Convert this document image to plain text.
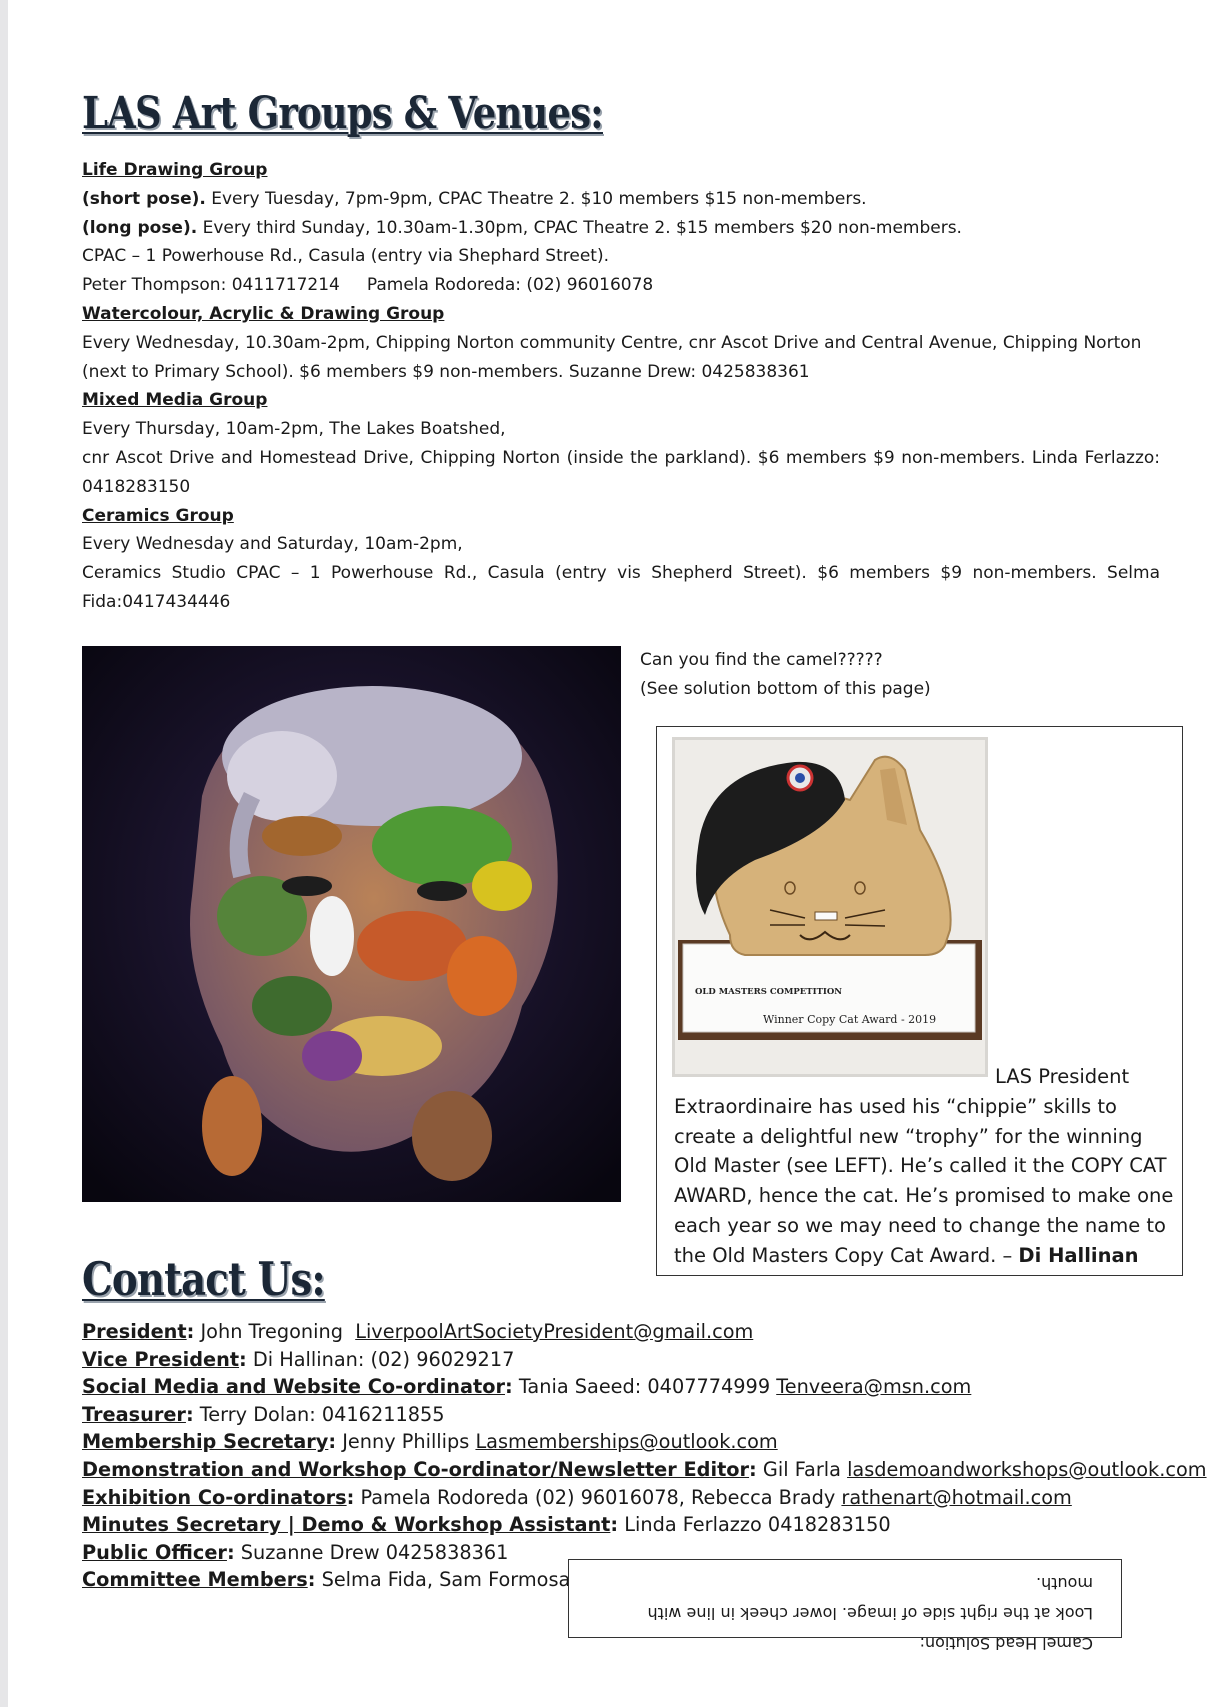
LAS Art Groups & Venues:

Life Drawing Group

(short pose). Every Tuesday, 7pm-9pm, CPAC Theatre 2. $10 members $15 non-members.

(long pose). Every third Sunday, 10.30am-1.30pm, CPAC Theatre 2. $15 members $20 non-members.

CPAC – 1 Powerhouse Rd., Casula (entry via Shephard Street).

Peter Thompson: 0411717214     Pamela Rodoreda: (02) 96016078

Watercolour, Acrylic & Drawing Group

Every Wednesday, 10.30am-2pm, Chipping Norton community Centre, cnr Ascot Drive and Central Avenue, Chipping Norton (next to Primary School). $6 members $9 non-members. Suzanne Drew: 0425838361

Mixed Media Group

Every Thursday, 10am-2pm, The Lakes Boatshed,

cnr Ascot Drive and Homestead Drive, Chipping Norton (inside the parkland). $6 members $9 non-members. Linda Ferlazzo: 0418283150

Ceramics Group

Every Wednesday and Saturday, 10am-2pm,

Ceramics Studio CPAC – 1 Powerhouse Rd., Casula (entry vis Shepherd Street). $6 members $9 non-members. Selma Fida:0417434446

Can you find the camel?????
(See solution bottom of this page)
OLD MASTERS COMPETITION
Winner Copy Cat Award - 2019
LAS President
Extraordinaire has used his “chippie” skills to create a delightful new “trophy” for the winning Old Master (see LEFT). He’s called it the COPY CAT AWARD, hence the cat. He’s promised to make one each year so we may need to change the name to the Old Masters Copy Cat Award. – Di Hallinan
Contact Us:
President: John Tregoning  LiverpoolArtSocietyPresident@gmail.com
Vice President: Di Hallinan: (02) 96029217
Social Media and Website Co-ordinator: Tania Saeed: 0407774999 Tenveera@msn.com
Treasurer: Terry Dolan: 0416211855
Membership Secretary: Jenny Phillips Lasmemberships@outlook.com
Demonstration and Workshop Co-ordinator/Newsletter Editor: Gil Farla lasdemoandworkshops@outlook.com
Exhibition Co-ordinators: Pamela Rodoreda (02) 96016078, Rebecca Brady rathenart@hotmail.com
Minutes Secretary | Demo & Workshop Assistant: Linda Ferlazzo 0418283150
Public Officer: Suzanne Drew 0425838361
Committee Members: Selma Fida, Sam Formosa
Camel Head Solution:
Look at the right side of image. lower cheek in line with mouth.
